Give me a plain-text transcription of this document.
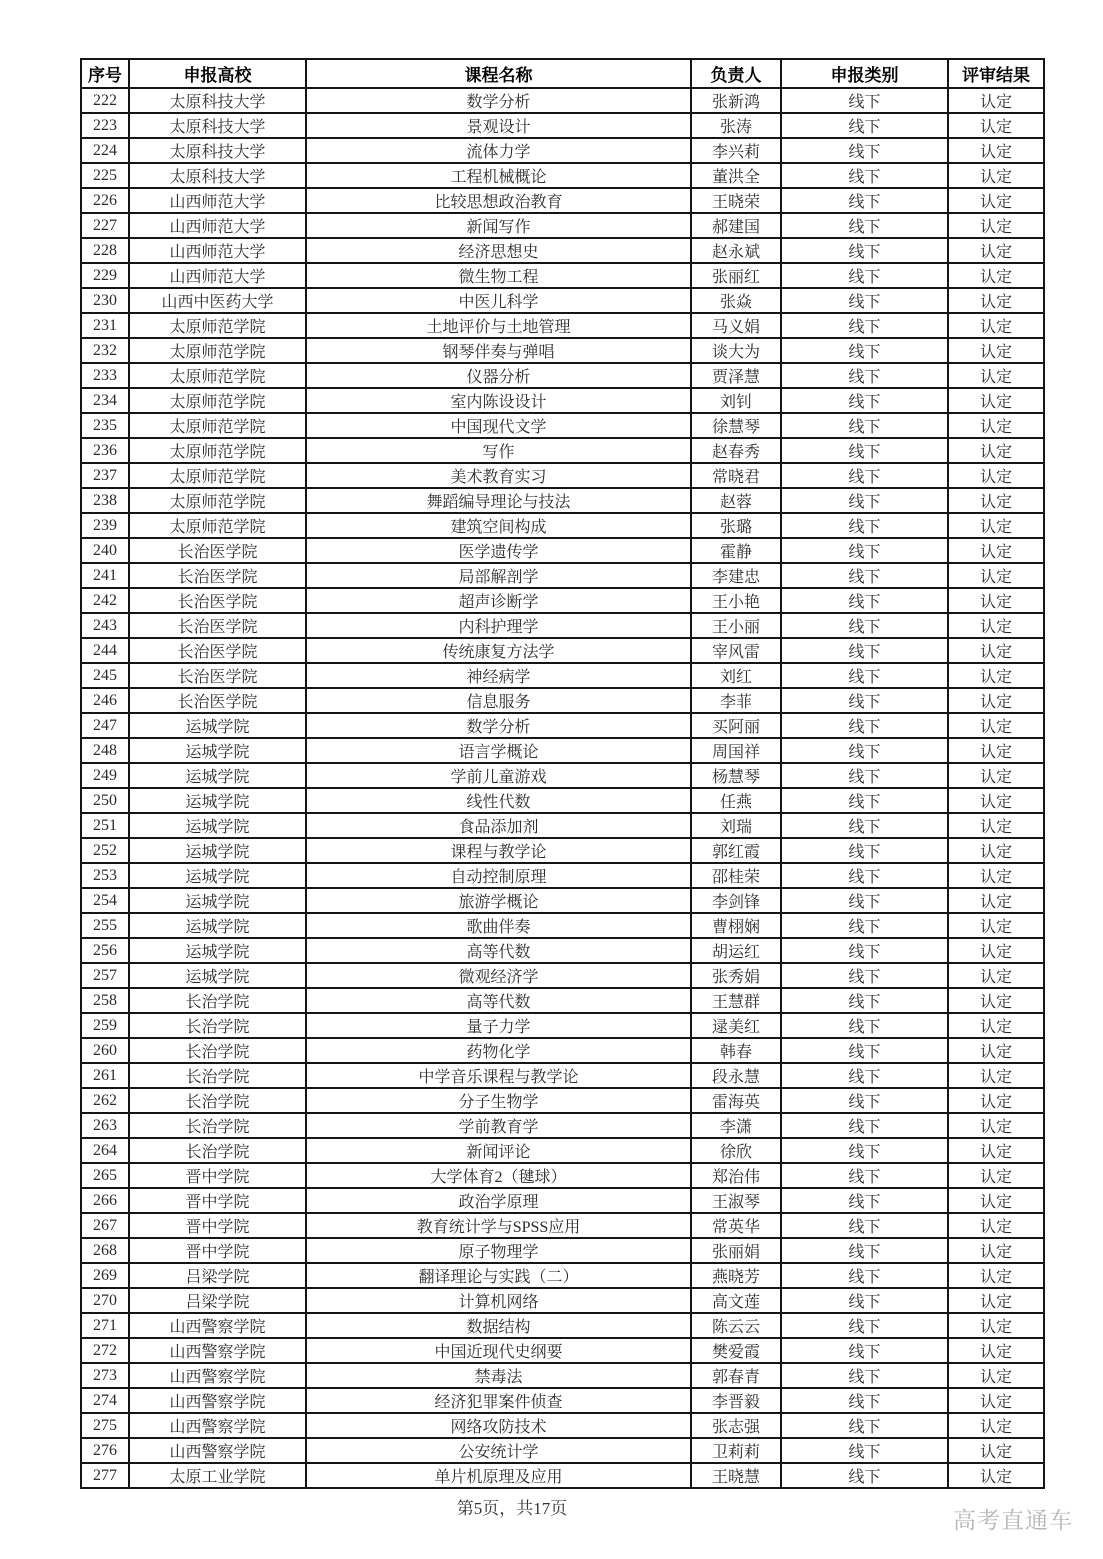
序号	申报高校	课程名称	负责人	申报类别	评审结果
222	太原科技大学	数学分析	张新鸿	线下	认定
223	太原科技大学	景观设计	张涛	线下	认定
224	太原科技大学	流体力学	李兴莉	线下	认定
225	太原科技大学	工程机械概论	董洪全	线下	认定
226	山西师范大学	比较思想政治教育	王晓荣	线下	认定
227	山西师范大学	新闻写作	郝建国	线下	认定
228	山西师范大学	经济思想史	赵永斌	线下	认定
229	山西师范大学	微生物工程	张丽红	线下	认定
230	山西中医药大学	中医儿科学	张焱	线下	认定
231	太原师范学院	土地评价与土地管理	马义娟	线下	认定
232	太原师范学院	钢琴伴奏与弹唱	谈大为	线下	认定
233	太原师范学院	仪器分析	贾泽慧	线下	认定
234	太原师范学院	室内陈设设计	刘钊	线下	认定
235	太原师范学院	中国现代文学	徐慧琴	线下	认定
236	太原师范学院	写作	赵春秀	线下	认定
237	太原师范学院	美术教育实习	常晓君	线下	认定
238	太原师范学院	舞蹈编导理论与技法	赵蓉	线下	认定
239	太原师范学院	建筑空间构成	张璐	线下	认定
240	长治医学院	医学遗传学	霍静	线下	认定
241	长治医学院	局部解剖学	李建忠	线下	认定
242	长治医学院	超声诊断学	王小艳	线下	认定
243	长治医学院	内科护理学	王小丽	线下	认定
244	长治医学院	传统康复方法学	宰风雷	线下	认定
245	长治医学院	神经病学	刘红	线下	认定
246	长治医学院	信息服务	李菲	线下	认定
247	运城学院	数学分析	买阿丽	线下	认定
248	运城学院	语言学概论	周国祥	线下	认定
249	运城学院	学前儿童游戏	杨慧琴	线下	认定
250	运城学院	线性代数	任燕	线下	认定
251	运城学院	食品添加剂	刘瑞	线下	认定
252	运城学院	课程与教学论	郭红霞	线下	认定
253	运城学院	自动控制原理	邵桂荣	线下	认定
254	运城学院	旅游学概论	李剑锋	线下	认定
255	运城学院	歌曲伴奏	曹栩娴	线下	认定
256	运城学院	高等代数	胡运红	线下	认定
257	运城学院	微观经济学	张秀娟	线下	认定
258	长治学院	高等代数	王慧群	线下	认定
259	长治学院	量子力学	逯美红	线下	认定
260	长治学院	药物化学	韩春	线下	认定
261	长治学院	中学音乐课程与教学论	段永慧	线下	认定
262	长治学院	分子生物学	雷海英	线下	认定
263	长治学院	学前教育学	李潇	线下	认定
264	长治学院	新闻评论	徐欣	线下	认定
265	晋中学院	大学体育2（毽球）	郑治伟	线下	认定
266	晋中学院	政治学原理	王淑琴	线下	认定
267	晋中学院	教育统计学与SPSS应用	常英华	线下	认定
268	晋中学院	原子物理学	张丽娟	线下	认定
269	吕梁学院	翻译理论与实践（二）	燕晓芳	线下	认定
270	吕梁学院	计算机网络	高文莲	线下	认定
271	山西警察学院	数据结构	陈云云	线下	认定
272	山西警察学院	中国近现代史纲要	樊爱霞	线下	认定
273	山西警察学院	禁毒法	郭春青	线下	认定
274	山西警察学院	经济犯罪案件侦查	李晋毅	线下	认定
275	山西警察学院	网络攻防技术	张志强	线下	认定
276	山西警察学院	公安统计学	卫莉莉	线下	认定
277	太原工业学院	单片机原理及应用	王晓慧	线下	认定
第5页，共17页	高考直通车
